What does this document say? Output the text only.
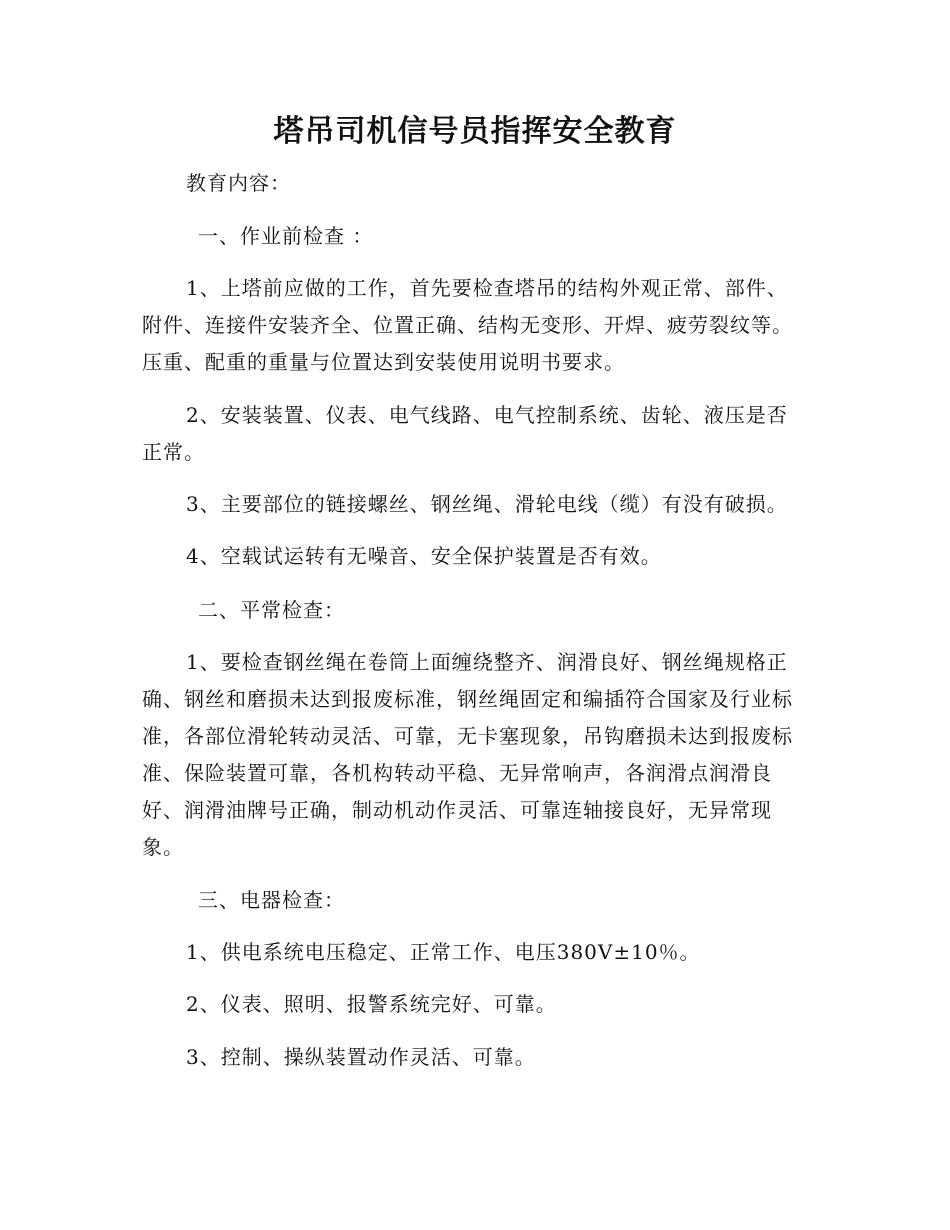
塔吊司机信号员指挥安全教育

教育内容：

一、作业前检查 ：

1、上塔前应做的工作，首先要检查塔吊的结构外观正常、部件、附件、连接件安装齐全、位置正确、结构无变形、开焊、疲劳裂纹等。压重、配重的重量与位置达到安装使用说明书要求。

2、安装装置、仪表、电气线路、电气控制系统、齿轮、液压是否正常。

3、主要部位的链接螺丝、钢丝绳、滑轮电线（缆）有没有破损。

4、空载试运转有无噪音、安全保护装置是否有效。

二、平常检查：

1、要检查钢丝绳在卷筒上面缠绕整齐、润滑良好、钢丝绳规格正确、钢丝和磨损未达到报废标准，钢丝绳固定和编插符合国家及行业标准，各部位滑轮转动灵活、可靠，无卡塞现象，吊钩磨损未达到报废标准、保险装置可靠，各机构转动平稳、无异常响声，各润滑点润滑良好、润滑油牌号正确，制动机动作灵活、可靠连轴接良好，无异常现象。

三、电器检查：

1、供电系统电压稳定、正常工作、电压380V±10％。

2、仪表、照明、报警系统完好、可靠。

3、控制、操纵装置动作灵活、可靠。
